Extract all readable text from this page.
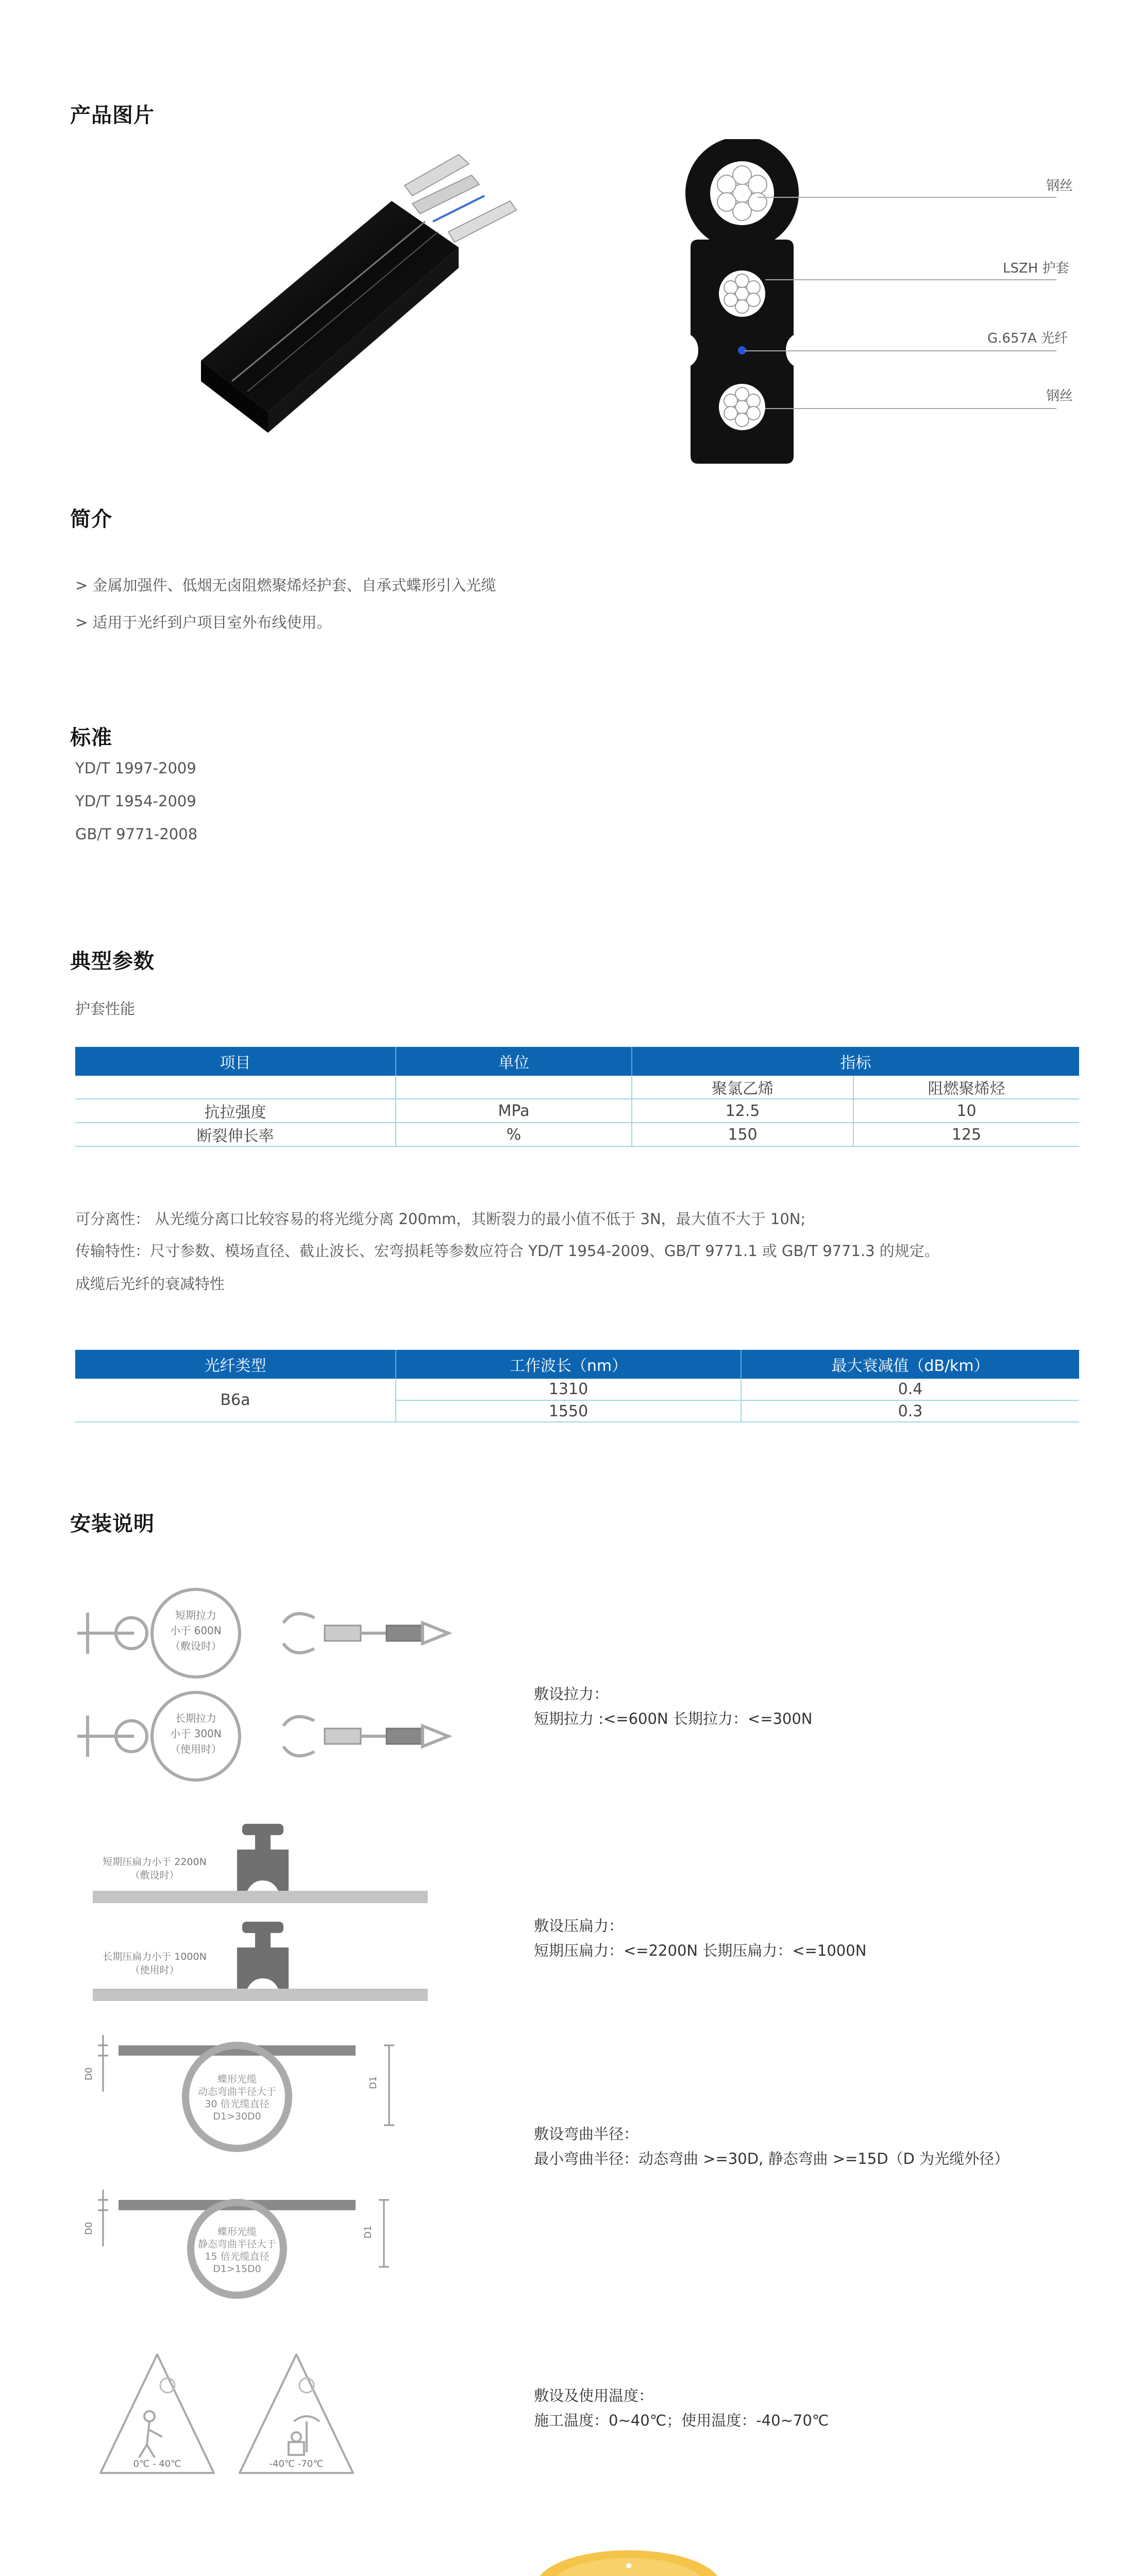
产品图片
钢丝
LSZH 护套
G.657A 光纤
钢丝
简介
> 金属加强件、低烟无卤阻燃聚烯烃护套、自承式蝶形引入光缆
> 适用于光纤到户项目室外布线使用。
标准
YD/T 1997-2009
YD/T 1954-2009
GB/T 9771-2008
典型参数
护套性能
项目	单位	指标	
		聚氯乙烯	阻燃聚烯烃
抗拉强度	MPa	12.5	10
断裂伸长率	%	150	125
可分离性： 从光缆分离口比较容易的将光缆分离 200mm，其断裂力的最小值不低于 3N，最大值不大于 10N;
传输特性：尺寸参数、模场直径、截止波长、宏弯损耗等参数应符合 YD/T 1954-2009、GB/T 9771.1 或 GB/T 9771.3 的规定。
成缆后光纤的衰减特性
光纤类型	工作波长（nm）	最大衰减值（dB/km）
B6a	1310	0.4
	1550	0.3
安装说明
短期拉力
小于 600N
（敷设时）
长期拉力
小于 300N
（使用时）
短期压扁力小于 2200N
（敷设时）
长期压扁力小于 1000N
（使用时）
D0
D1
D0	D1
蝶形光缆
动态弯曲半径大于
30 倍光缆直径
D1>30D0
蝶形光缆
静态弯曲半径大于
15 倍光缆直径
D1>15D0
0℃ - 40℃	-40℃ -70℃
敷设拉力：
短期拉力 :<=600N 长期拉力：<=300N
敷设压扁力：
短期压扁力：<=2200N 长期压扁力：<=1000N
敷设弯曲半径：
最小弯曲半径：动态弯曲 >=30D, 静态弯曲 >=15D（D 为光缆外径）
敷设及使用温度：
施工温度：0~40℃；使用温度：-40~70℃
